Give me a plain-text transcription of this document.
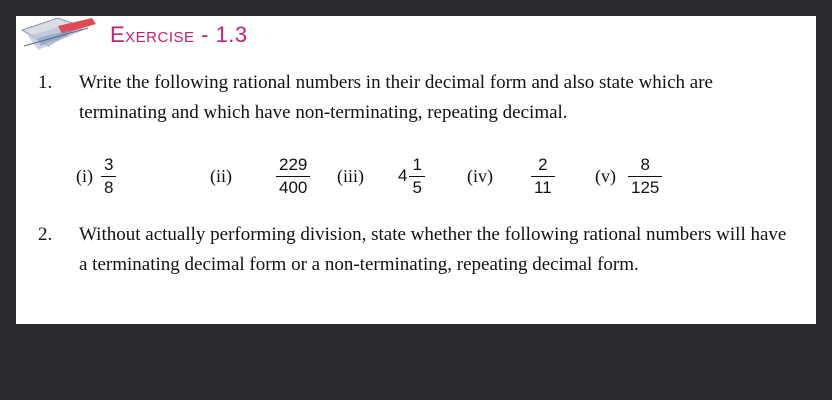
Exercise - 1.3
1. Write the following rational numbers in their decimal form and also state which are terminating and which have non-terminating, repeating decimal.
$(i) \frac{3}{8}$	(ii)	$\frac{229}{400} (iii)$ $4 \frac{1}{5} (iv) \frac{2}{11} (v) \frac{8}{125}$
2. Without actually performing division, state whether the following rational numbers will have a terminating decimal form or a non-terminating, repeating decimal form.
